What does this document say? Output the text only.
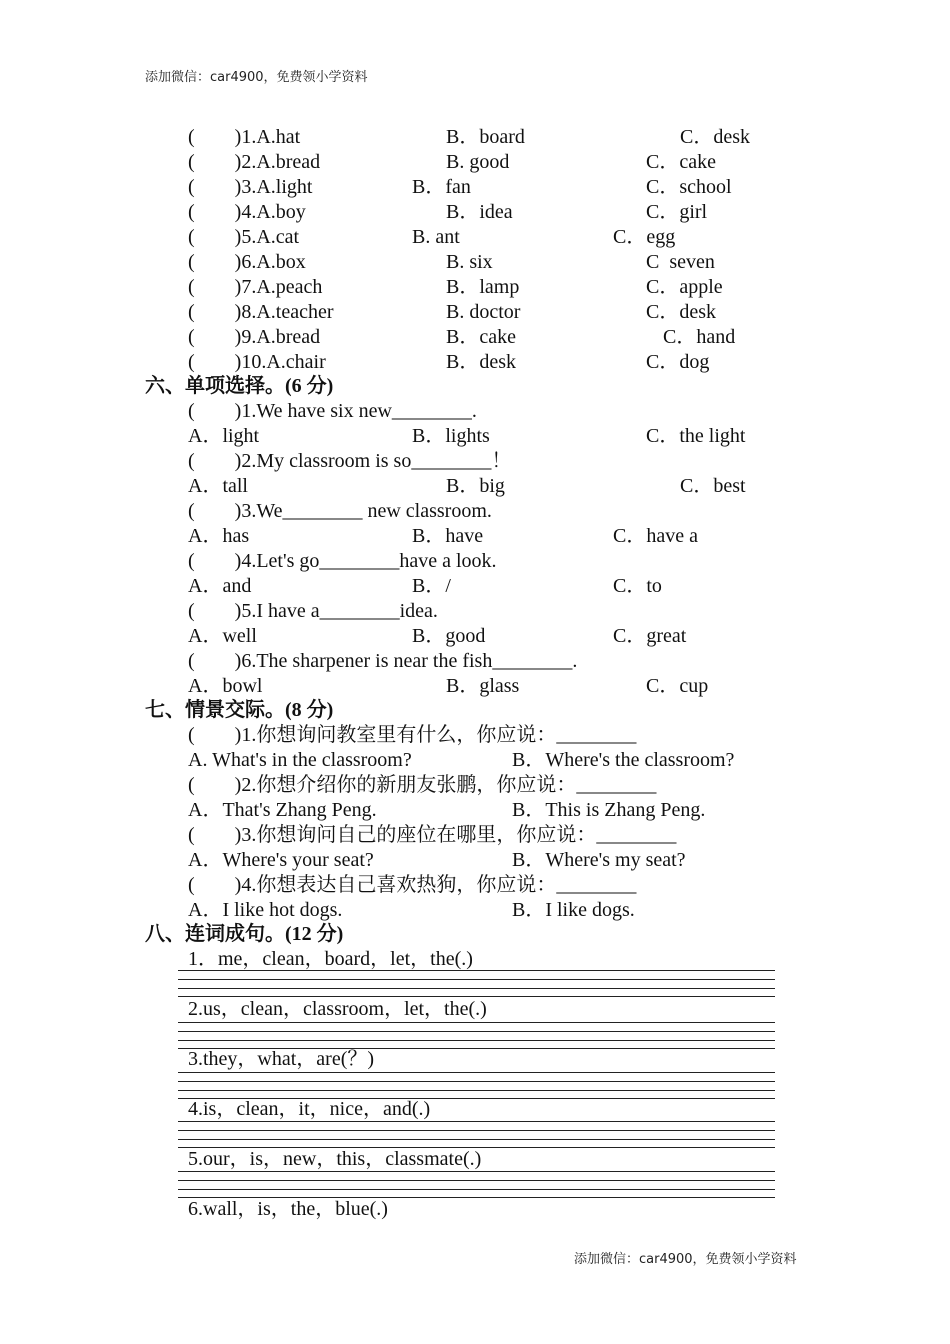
添加微信：car4900，免费领小学资料
(        )1.A.hat	B．board	C．desk
(        )2.A.bread	B. good	C．cake
(        )3.A.light	B．fan	C．school
(        )4.A.boy	B．idea	C．girl
(        )5.A.cat	B. ant	C．egg
(        )6.A.box	B. six	C  seven
(        )7.A.peach	B．lamp	C．apple
(        )8.A.teacher	B. doctor	C．desk
(        )9.A.bread	B．cake	C．hand
(        )10.A.chair	B．desk	C．dog
六、单项选择。(6 分)
(        )1.We have six new________.
A．light	B．lights	C．the light
(        )2.My classroom is so________！
A．tall	B．big	C．best
(        )3.We________ new classroom.
A．has	B．have	C．have a
(        )4.Let's go________have a look.
A．and	B．/	C．to
(        )5.I have a________idea.
A．well	B．good	C．great
(        )6.The sharpener is near the fish________.
A．bowl	B．glass	C．cup
七、情景交际。(8 分)
(        )1.你想询问教室里有什么，你应说：________
A. What's in the classroom?	B．Where's the classroom?
(        )2.你想介绍你的新朋友张鹏，你应说：________
A．That's Zhang Peng.	B．This is Zhang Peng.
(        )3.你想询问自己的座位在哪里，你应说：________
A．Where's your seat?	B．Where's my seat?
(        )4.你想表达自己喜欢热狗，你应说：________
A．I like hot dogs.	B．I like dogs.
八、连词成句。(12 分)
1．me，clean，board，let，the(.)
2.us，clean，classroom，let，the(.)
3.they，what，are(？)
4.is，clean，it，nice，and(.)
5.our，is，new，this，classmate(.)
6.wall，is，the，blue(.)
添加微信：car4900，免费领小学资料
